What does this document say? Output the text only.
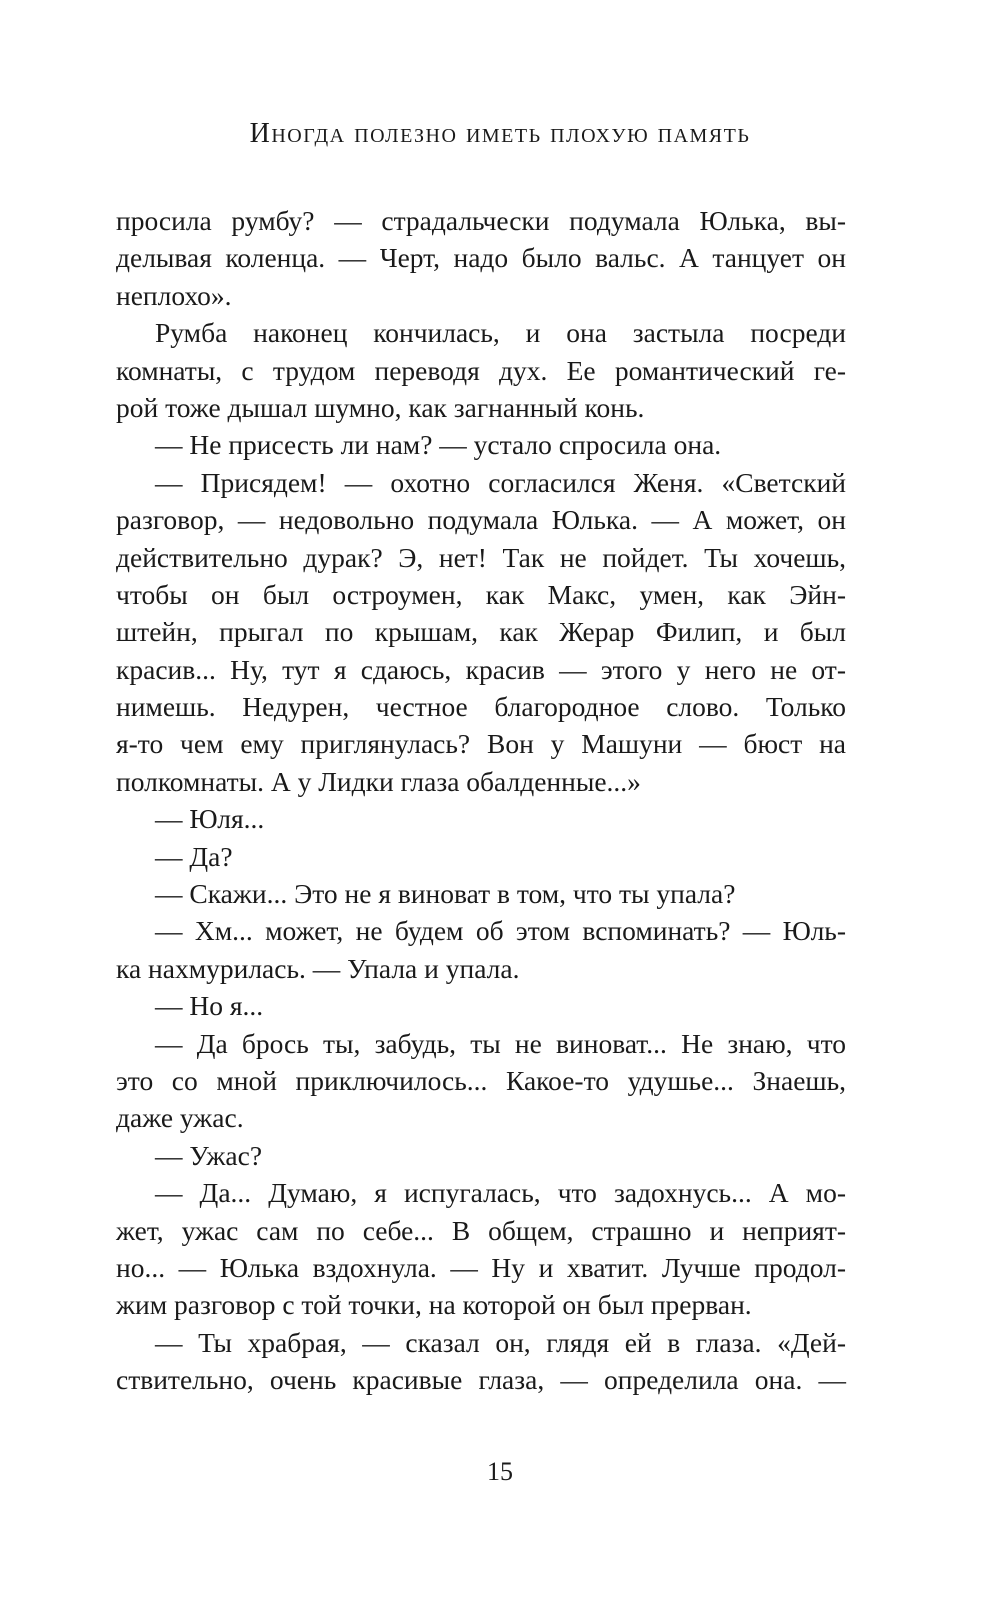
Иногда полезно иметь плохую память
просила румбу? — страдальчески подумала Юлька, вы-
делывая коленца. — Черт, надо было вальс. А танцует он
неплохо».
Румба наконец кончилась, и она застыла посреди
комнаты, с трудом переводя дух. Ее романтический ге-
рой тоже дышал шумно, как загнанный конь.
— Не присесть ли нам? — устало спросила она.
— Присядем! — охотно согласился Женя. «Светский
разговор, — недовольно подумала Юлька. — А может, он
действительно дурак? Э, нет! Так не пойдет. Ты хочешь,
чтобы он был остроумен, как Макс, умен, как Эйн-
штейн, прыгал по крышам, как Жерар Филип, и был
красив... Ну, тут я сдаюсь, красив — этого у него не от-
нимешь. Недурен, честное благородное слово. Только
я-то чем ему приглянулась? Вон у Машуни — бюст на
полкомнаты. А у Лидки глаза обалденные...»
— Юля...
— Да?
— Скажи... Это не я виноват в том, что ты упала?
— Хм... может, не будем об этом вспоминать? — Юль-
ка нахмурилась. — Упала и упала.
— Но я...
— Да брось ты, забудь, ты не виноват... Не знаю, что
это со мной приключилось... Какое-то удушье... Знаешь,
даже ужас.
— Ужас?
— Да... Думаю, я испугалась, что задохнусь... А мо-
жет, ужас сам по себе... В общем, страшно и неприят-
но... — Юлька вздохнула. — Ну и хватит. Лучше продол-
жим разговор с той точки, на которой он был прерван.
— Ты храбрая, — сказал он, глядя ей в глаза. «Дей-
ствительно, очень красивые глаза, — определила она. —
15
